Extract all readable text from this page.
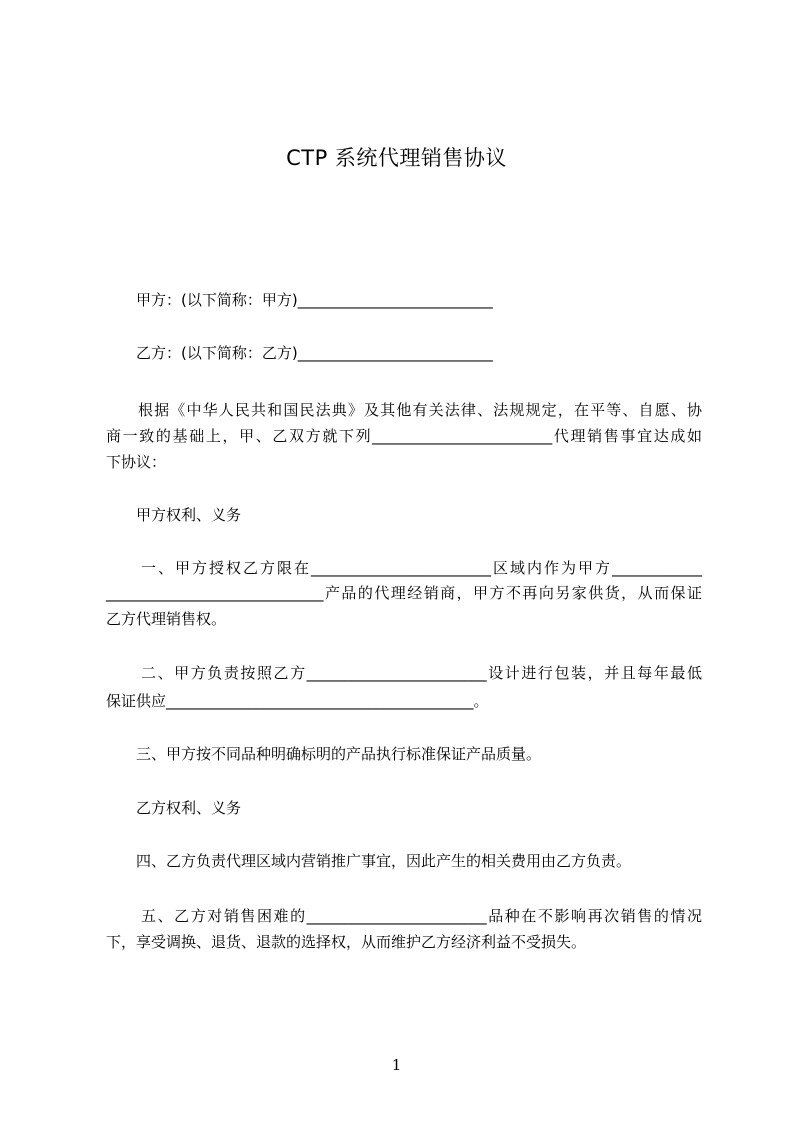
CTP 系统代理销售协议
甲方：(以下简称：甲方)__________________________
乙方：(以下简称：乙方)__________________________
根据《中华人民共和国民法典》及其他有关法律、法规规定，在平等、自愿、协
商一致的基础上，甲、乙双方就下列________________________代理销售事宜达成如
下协议：
甲方权利、义务
一、甲方授权乙方限在________________________区域内作为甲方____________
_____________________________产品的代理经销商，甲方不再向另家供货，从而保证
乙方代理销售权。
二、甲方负责按照乙方________________________设计进行包装，并且每年最低
保证供应_________________________________________。
三、甲方按不同品种明确标明的产品执行标准保证产品质量。
乙方权利、义务
四、乙方负责代理区域内营销推广事宜，因此产生的相关费用由乙方负责。
五、乙方对销售困难的________________________品种在不影响再次销售的情况
下，享受调换、退货、退款的选择权，从而维护乙方经济利益不受损失。
1
